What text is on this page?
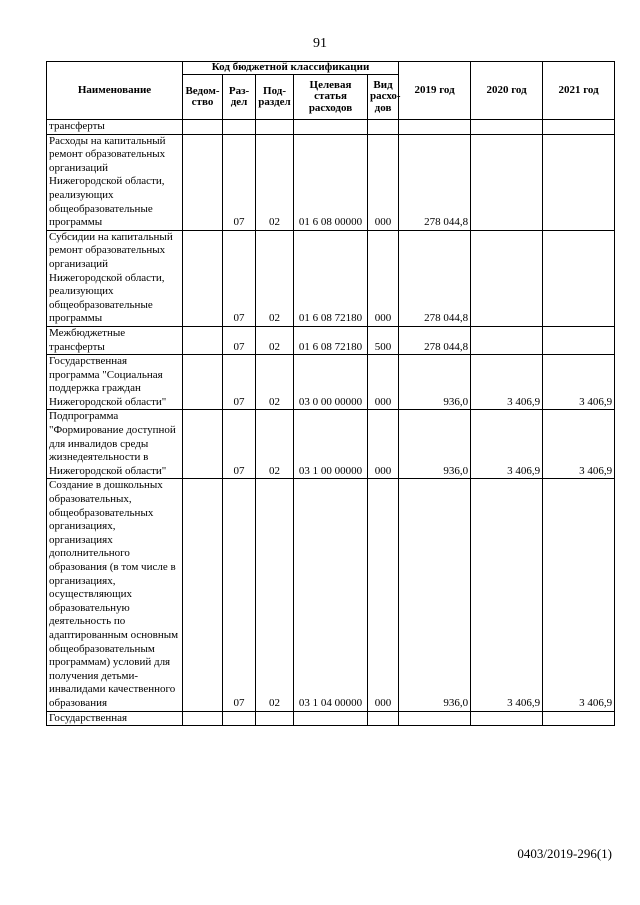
91
Наименование	Код бюджетной классификации					2019 год	2020 год	2021 год
	Ведом-ство	Раз-дел	Под-раздел	Целевая статья расходов	Вид расхо-дов			
трансферты								
Расходы на капитальный ремонт образовательных организаций Нижегородской области, реализующих общеобразовательные программы		07	02	01 6 08 00000	000	278 044,8		
Субсидии на капитальный ремонт образовательных организаций Нижегородской области, реализующих общеобразовательные программы		07	02	01 6 08 72180	000	278 044,8		
Межбюджетные трансферты		07	02	01 6 08 72180	500	278 044,8		
Государственная программа "Социальная поддержка граждан Нижегородской области"		07	02	03 0 00 00000	000	936,0	3 406,9	3 406,9
Подпрограмма "Формирование доступной для инвалидов среды жизнедеятельности в Нижегородской области"		07	02	03 1 00 00000	000	936,0	3 406,9	3 406,9
Создание в дошкольных образовательных, общеобразовательных организациях, организациях дополнительного образования (в том числе в организациях, осуществляющих образовательную деятельность по адаптированным основным общеобразовательным программам) условий для получения детьми-инвалидами качественного образования		07	02	03 1 04 00000	000	936,0	3 406,9	3 406,9
Государственная								
0403/2019-296(1)
